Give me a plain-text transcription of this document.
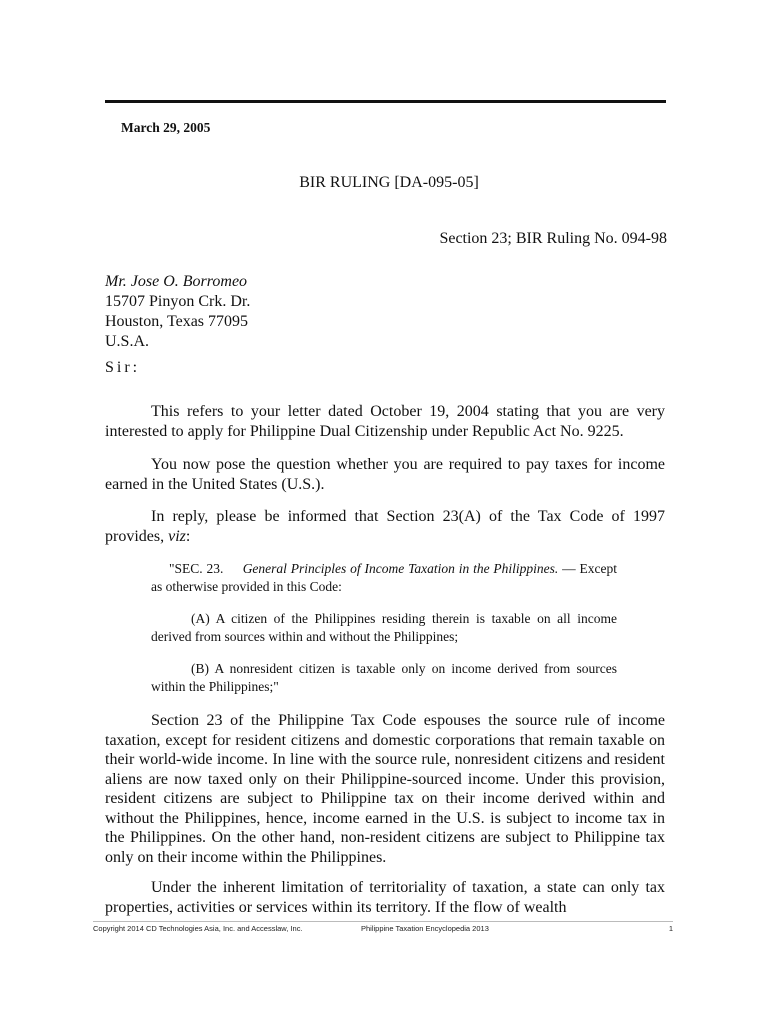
March 29, 2005
BIR RULING [DA-095-05]
Section 23; BIR Ruling No. 094-98
Mr. Jose O. Borromeo
15707 Pinyon Crk. Dr.
Houston, Texas 77095
U.S.A.
Sir:

This refers to your letter dated October 19, 2004 stating that you are very interested to apply for Philippine Dual Citizenship under Republic Act No. 9225.

You now pose the question whether you are required to pay taxes for income earned in the United States (U.S.).

In reply, please be informed that Section 23(A) of the Tax Code of 1997 provides, viz:

"SEC. 23. General Principles of Income Taxation in the Philippines. — Except as otherwise provided in this Code:

(A) A citizen of the Philippines residing therein is taxable on all income derived from sources within and without the Philippines;

(B) A nonresident citizen is taxable only on income derived from sources within the Philippines;"

Section 23 of the Philippine Tax Code espouses the source rule of income taxation, except for resident citizens and domestic corporations that remain taxable on their world-wide income. In line with the source rule, nonresident citizens and resident aliens are now taxed only on their Philippine-sourced income. Under this provision, resident citizens are subject to Philippine tax on their income derived within and without the Philippines, hence, income earned in the U.S. is subject to income tax in the Philippines. On the other hand, non-resident citizens are subject to Philippine tax only on their income within the Philippines.

Under the inherent limitation of territoriality of taxation, a state can only tax properties, activities or services within its territory. If the flow of wealth

Copyright 2014 CD Technologies Asia, Inc. and Accesslaw, Inc.	Philippine Taxation Encyclopedia 2013	1
